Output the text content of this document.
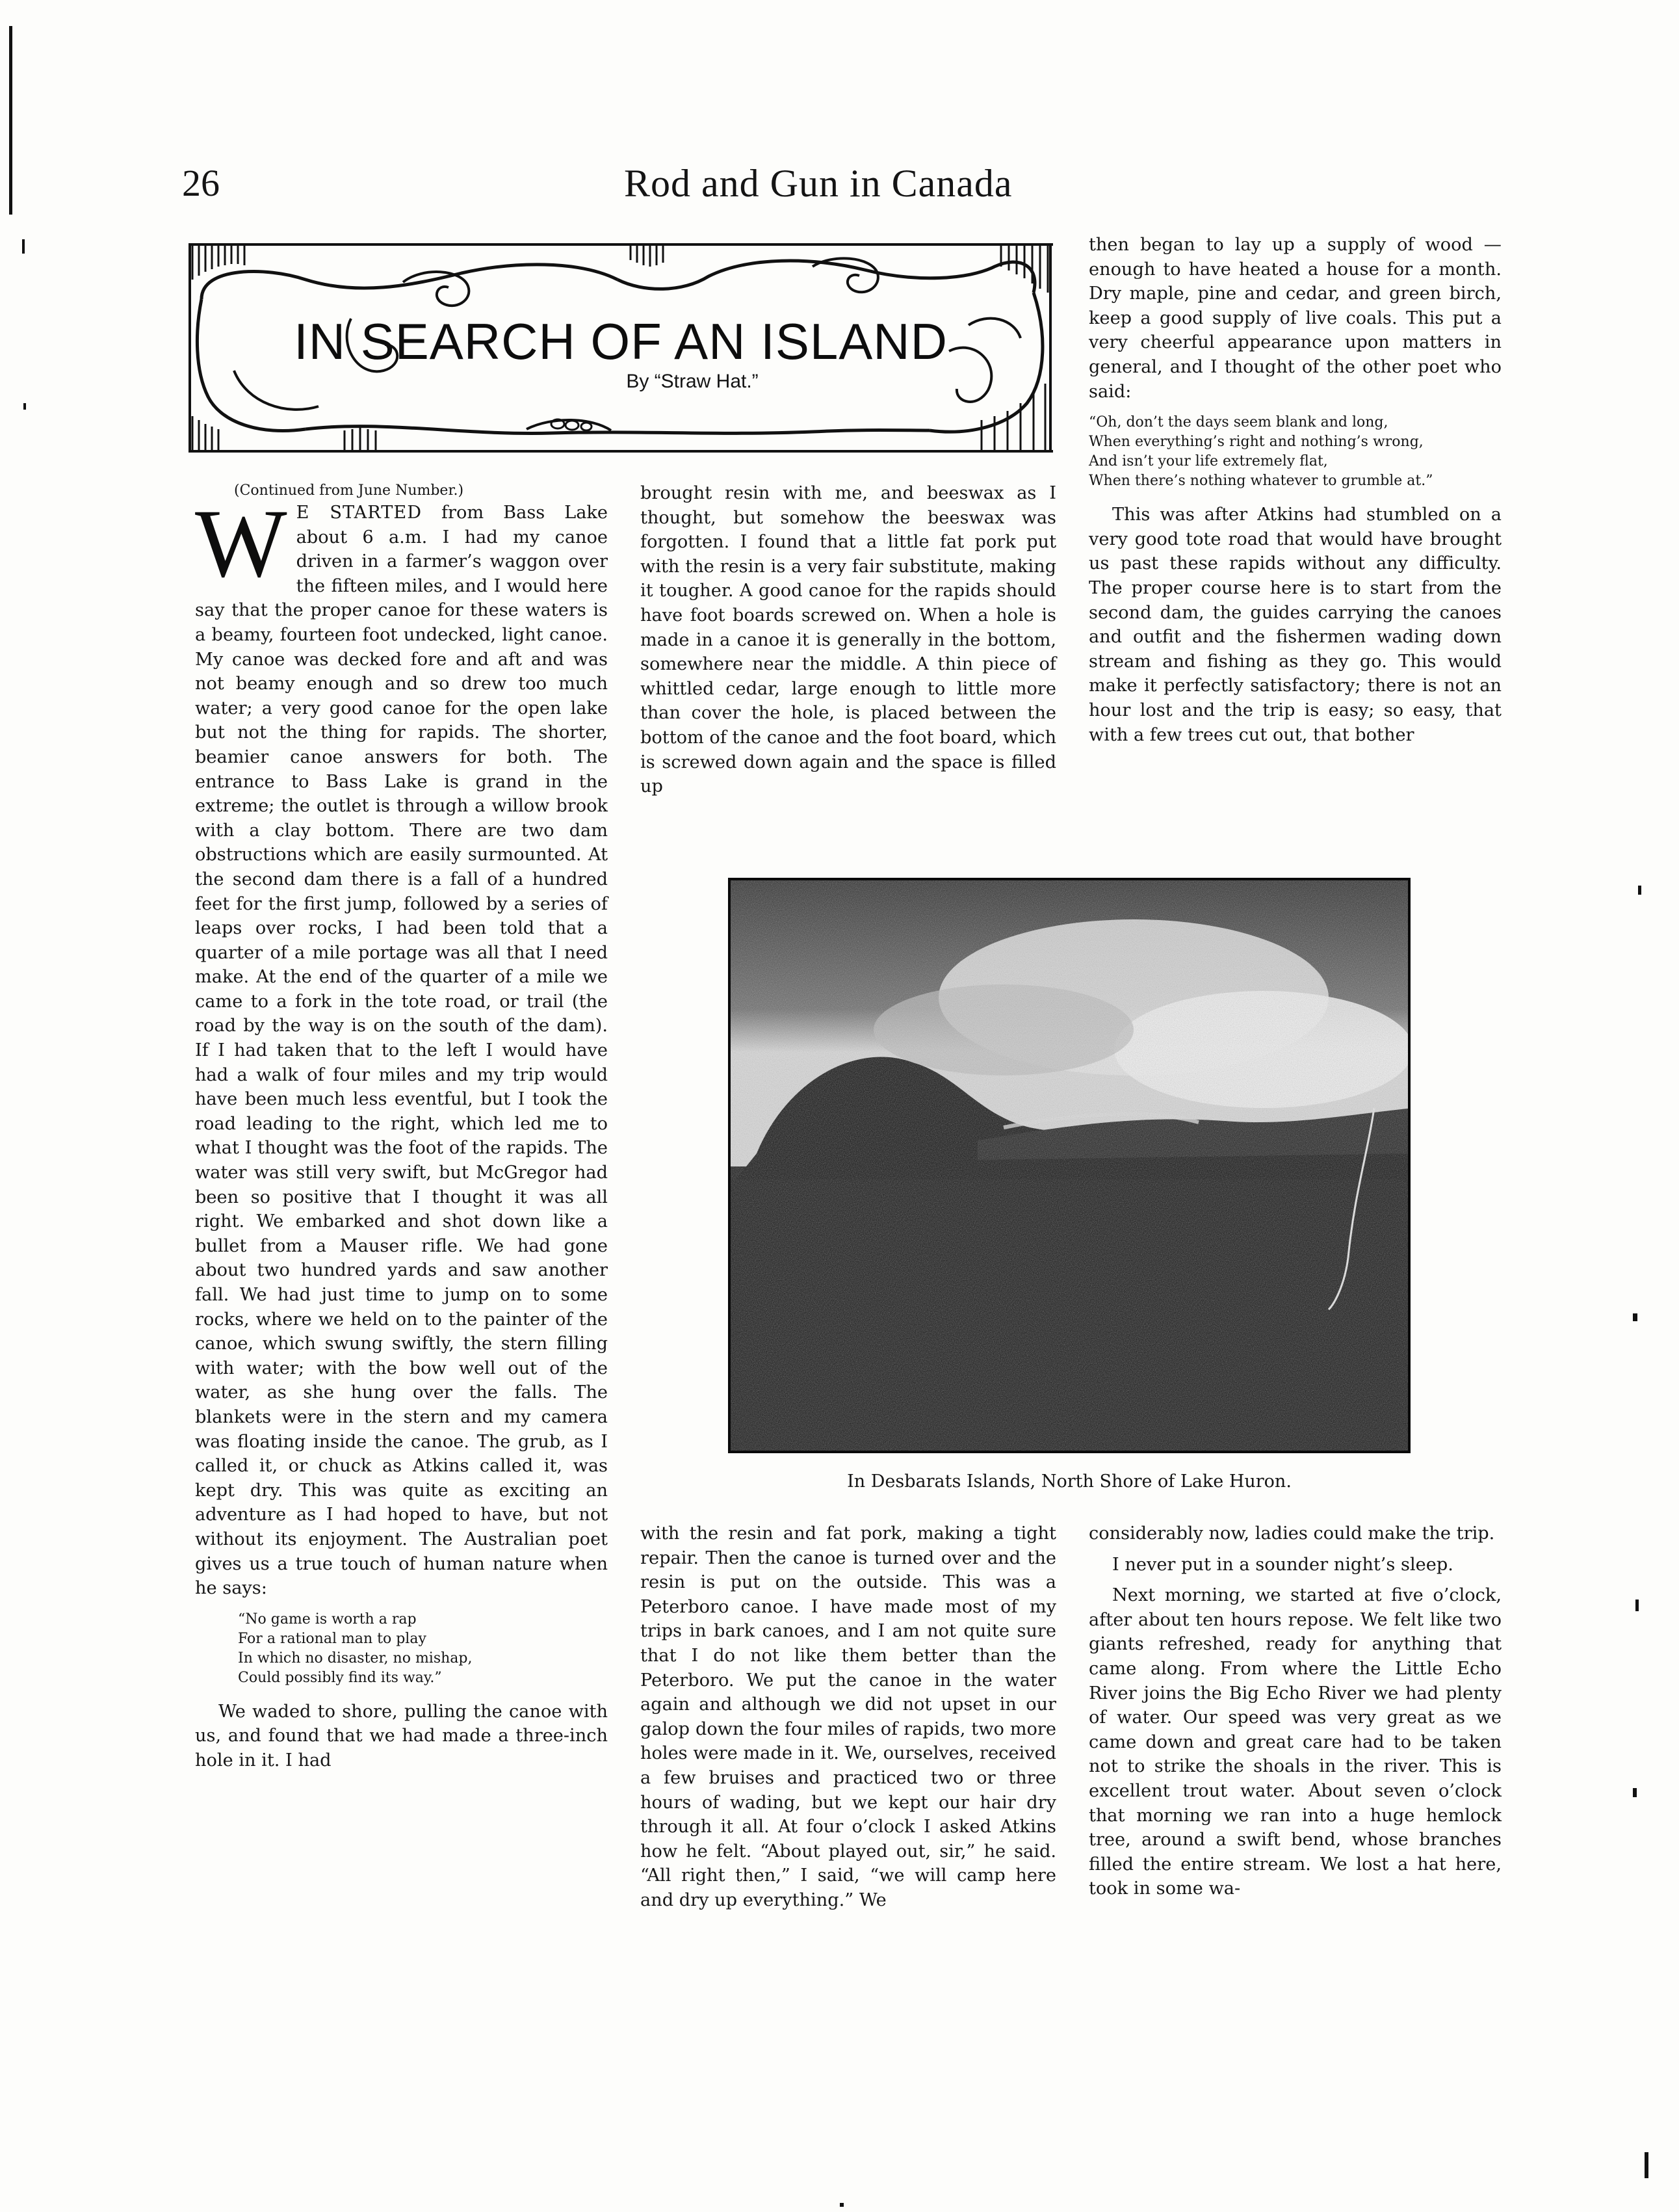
26	Rod and Gun in Canada
IN SEARCH OF AN ISLAND
By “Straw Hat.”
(Continued from June Number.)

W E STARTED from Bass Lake about 6 a.m. I had my canoe driven in a farmer’s waggon over the fifteen miles, and I would here say that the proper canoe for these waters is a beamy, fourteen foot undecked, light canoe. My canoe was decked fore and aft and was not beamy enough and so drew too much water; a very good canoe for the open lake but not the thing for rapids. The shorter, beamier canoe answers for both. The entrance to Bass Lake is grand in the extreme; the outlet is through a willow brook with a clay bottom. There are two dam obstructions which are easily surmounted. At the second dam there is a fall of a hundred feet for the first jump, followed by a series of leaps over rocks, I had been told that a quarter of a mile portage was all that I need make. At the end of the quarter of a mile we came to a fork in the tote road, or trail (the road by the way is on the south of the dam). If I had taken that to the left I would have had a walk of four miles and my trip would have been much less eventful, but I took the road leading to the right, which led me to what I thought was the foot of the rapids. The water was still very swift, but McGregor had been so positive that I thought it was all right. We embarked and shot down like a bullet from a Mauser rifle. We had gone about two hundred yards and saw another fall. We had just time to jump on to some rocks, where we held on to the painter of the canoe, which swung swiftly, the stern filling with water; with the bow well out of the water, as she hung over the falls. The blankets were in the stern and my camera was floating inside the canoe. The grub, as I called it, or chuck as Atkins called it, was kept dry. This was quite as exciting an adventure as I had hoped to have, but not without its enjoyment. The Australian poet gives us a true touch of human nature when he says:

“No game is worth a rap
For a rational man to play
In which no disaster, no mishap,
Could possibly find its way.”

We waded to shore, pulling the canoe with us, and found that we had made a three-inch hole in it. I had

brought resin with me, and beeswax as I thought, but somehow the beeswax was forgotten. I found that a little fat pork put with the resin is a very fair substitute, making it tougher. A good canoe for the rapids should have foot boards screwed on. When a hole is made in a canoe it is generally in the bottom, somewhere near the middle. A thin piece of whittled cedar, large enough to little more than cover the hole, is placed between the bottom of the canoe and the foot board, which is screwed down again and the space is filled up

then began to lay up a supply of wood —enough to have heated a house for a month. Dry maple, pine and cedar, and green birch, keep a good supply of live coals. This put a very cheerful appearance upon matters in general, and I thought of the other poet who said:

“Oh, don’t the days seem blank and long,
When everything’s right and nothing’s wrong,
And isn’t your life extremely flat,
When there’s nothing whatever to grumble at.”

This was after Atkins had stumbled on a very good tote road that would have brought us past these rapids without any difficulty. The proper course here is to start from the second dam, the guides carrying the canoes and outfit and the fishermen wading down stream and fishing as they go. This would make it perfectly satisfactory; there is not an hour lost and the trip is easy; so easy, that with a few trees cut out, that bother

In Desbarats Islands, North Shore of Lake Huron.

with the resin and fat pork, making a tight repair. Then the canoe is turned over and the resin is put on the outside. This was a Peterboro canoe. I have made most of my trips in bark canoes, and I am not quite sure that I do not like them better than the Peterboro. We put the canoe in the water again and although we did not upset in our galop down the four miles of rapids, two more holes were made in it. We, ourselves, received a few bruises and practiced two or three hours of wading, but we kept our hair dry through it all. At four o’clock I asked Atkins how he felt. “About played out, sir,” he said. “All right then,” I said, “we will camp here and dry up everything.” We

considerably now, ladies could make the trip.

I never put in a sounder night’s sleep.

Next morning, we started at five o’clock, after about ten hours repose. We felt like two giants refreshed, ready for anything that came along. From where the Little Echo River joins the Big Echo River we had plenty of water. Our speed was very great as we came down and great care had to be taken not to strike the shoals in the river. This is excellent trout water. About seven o’clock that morning we ran into a huge hemlock tree, around a swift bend, whose branches filled the entire stream. We lost a hat here, took in some wa-
